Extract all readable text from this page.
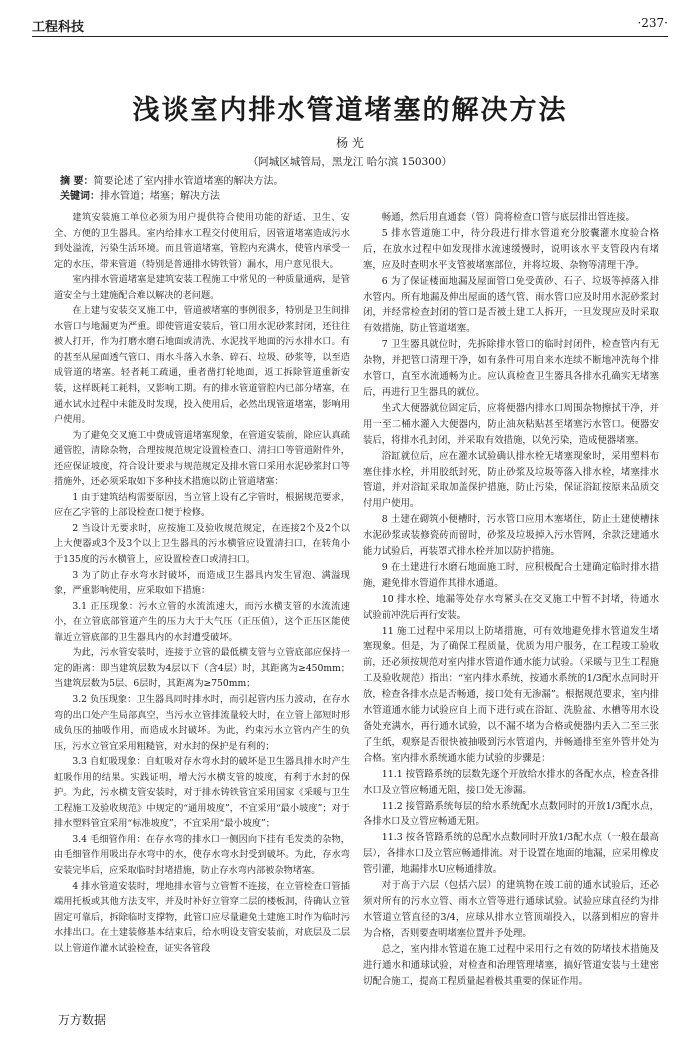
工程科技	·237·
浅谈室内排水管道堵塞的解决方法
杨 光
（阿城区城管局，黑龙江 哈尔滨 150300）
摘 要：简要论述了室内排水管道堵塞的解决方法。
关键词：排水管道；堵塞；解决方法

建筑安装施工单位必须为用户提供符合使用功能的舒适、卫生、安全、方便的卫生器具。室内给排水工程交付使用后，因管道堵塞造成污水到处溢流，污染生活环境。而且管道堵塞，管腔内充满水，使管内承受一定的水压，带来管道（特别是普通排水铸铁管）漏水，用户意见很大。

室内排水管道堵塞是建筑安装工程施工中常见的一种质量通病，是管道安全与土建施配合难以解决的老问题。

在上建与安装交叉施工中，管道被堵塞的事例很多，特别是卫生间排水管口与地漏更为严重。即使管道安装后，管口用水泥砂浆封闭，还往往被人打开，作为打磨水磨石地面或清洗、水泥找平地面的污水排水口。有的甚至从屋面透气管口、雨水斗落入水条、碎石、垃圾、砂浆等，以至造成管道的堵塞。轻者耗工疏通，重者凿打轮地面，返工拆除管道重新安装，这样既耗工耗料，又影响工期。有的排水管道管腔内已部分堵塞，在通水试水过程中未能及时发现，投入使用后，必然出现管道堵塞，影响用户使用。

为了避免交叉施工中费成管道堵塞现象，在管道安装前，除应认真疏通管腔，清除杂物，合理按规范规定设置检查口、清扫口等管道附件外，还应保证坡度，符合设计要求与规范规定及排水管口采用水泥砂浆封口等措施外，还必须采取如下多种技术措施以防止管道堵塞：

1 由于建筑结构需要原因，当立管上设有乙字管时，根据规范要求，应在乙字管的上部设检查口便于检修。

2 当设计无要求时，应按施工及验收规范规定，在连接2个及2个以上大便器或3个及3个以上卫生器具的污水横管应设置清扫口，在转角小于135度的污水横管上，应设置检查口或清扫口。

3 为了防止存水弯水封破坏，而造成卫生器具内发生冒泡、满溢现象，严重影响使用，应采取如下措施：

3.1 正压现象：污水立管的水流流速大，而污水横支管的水流流速小，在立管底部管道产生的压力大于大气压（正压值），这个正压区能使靠近立管底部的卫生器具内的水封遭受破坏。

为此，污水管安装时，连接于立管的最低横支管与立管底部应保持一定的距离：即当建筑层数为4层以下（含4层）时，其距离为≥450mm；当建筑层数为5层、6层时，其距离为≥750mm；

3.2 负压现象：卫生器具同时排水时，而引起管内压力波动，在存水弯的出口处产生局部真空，当污水立管排流量较大时，在立管上部短时形成负压的抽吸作用，而造成水封破坏。为此，约束污水立管内产生的负压，污水立管宜采用粗糙管，对水封的保护是有利的；

3.3 自虹吸现象：自虹吸对存水弯水封的破坏是卫生器具排水时产生虹吸作用的结果。实践证明，增大污水横支管的坡度，有利于水封的保护。为此，污水横支管安装时，对于排水铸铁管宜采用国家《采暖与卫生工程施工及验收规范》中规定的“通用坡度”，不宜采用“最小坡度”；对于排水塑料管宜采用“标准坡度”，不宜采用“最小坡度”；

3.4 毛细管作用：在存水弯的排水口一侧因向下挂有毛发类的杂物，由毛细管作用吸出存水弯中的水，使存水弯水封受到破坏。为此，存水弯安装完毕后，应采取临时封堵措施，防止存水弯内部被杂物堵塞。

4 排水管道安装时，埋地排水管与立管暂不连接，在立管检查口管插端用托板或其他方法支牢，并及时补好立管穿二层的楼板洞，待确认立管固定可靠后，拆除临时支撑物，此管口应尽量避免土建施工时作为临时污水排出口。在土建装修基本结束后，给水明设支管安装前，对底层及二层以上管道作灌水试验检查，证实各管段

畅通，然后用直通套（管）筒将检查口管与底层排出管连接。

5 排水管道施工中，待分段进行排水管道充分胶囊灌水度验合格后，在放水过程中如发现排水流速缓慢时，说明该水平支管段内有堵塞，应及时查明水平支管被堵塞部位，并将垃圾、杂物等清理干净。

6 为了保证楼面地漏及屋面管口免受黄砂、石子、垃圾等掉落入排水管内。所有地漏及伸出屋面的透气管、雨水管口应及时用水泥砂浆封闭，并经常检查封闭的管口是否被土建工人拆开，一旦发现应及时采取有效措施，防止管道堵塞。

7 卫生器具就位时，先拆除排水管口的临时封闭件，检查管内有无杂物，并把管口清理干净，如有条件可用自来水连续不断地冲洗每个排水管口，直至水流通畅为止。应认真检查卫生器具各排水孔确实无堵塞后，再进行卫生器具的就位。

坐式大便器就位固定后，应将便器内排水口周围杂物擦拭干净，并用一至二桶水灌入大便器内，防止油灰粘贴甚至堵塞污水管口。便器安装后，将排水孔封闭，并采取有效措施，以免污染，造成便器堵塞。

浴缸就位后，应在灌水试验确认排水栓无堵塞现象时，采用塑料布塞住排水栓，并用胶纸封死，防止砂浆及垃圾等落入排水栓，堵塞排水管道，并对浴缸采取加盖保护措施，防止污染，保证浴缸按原来品质交付用户使用。

8 土建在砌筑小便槽时，污水管口应用木塞堵住，防止土建使槽抹水泥砂浆或装修瓷砖而留时，砂浆及垃圾掉入污水管网，余款泛建通水能力试验后，再装罩式排水栓并加以防护措施。

9 在土建进行水磨石地面施工时，应积极配合土建确定临时排水措施，避免排水管道作其排水通道。

10 排水栓、地漏等处存水弯紧头在交叉施工中暂不封堵，待通水试验前冲洗后再行安装。

11 施工过程中采用以上防堵措施，可有效地避免排水管道发生堵塞现象。但是，为了确保工程质量，优质为用户服务，在工程竣工验收前，还必须按规范对室内排水管道作通水能力试验。（采暖与卫生工程施工及验收规范）指出：“室内排水系统，按通水系统的1/3配水点同时开放，检查各排水点是否畅通，接口处有无渗漏”。根据规范要求，室内排水管道通水能力试验应自上而下进行或在浴缸、洗脸盆、水槽等用水设备处充满水，再行通水试验，以不漏不堵为合格或便器内丢入二至三张了生纸，观察是否很快被抽吸到污水管道内，并畅通排至室外管井处为合格。室内排水系统通水能力试验的步骤是：

11.1 按管路系统的层数先逐个开放给水排水的各配水点，检查各排水口及立管应畅通无阻，接口处无渗漏。

11.2 接管路系统每层的给水系统配水点数同时的开放1/3配水点，各排水口及立管应畅通无阻。

11.3 按各管路系统的总配水点数同时开放1/3配水点（一般在最高层），各排水口及立管应畅通排流。对于设置在地面的地漏，应采用橡皮管引灌，地漏排水U应畅通排放。

对于高于六层（包括六层）的建筑物在竣工前的通水试验后，还必须对所有的污水立管、雨水立管等进行通球试验。试验应球直径约为排水管道立管直径的3/4，应球从排水立管顶端投入，以落到相应的窨井为合格，否则要查明堵塞位置并予处理。

总之，室内排水管道在施工过程中采用行之有效的防堵技术措施及进行通水和通球试验，对检查和治理管理堵塞，搞好管道安装与土建密切配合施工，提高工程质量起着极其重要的保证作用。

万方数据
